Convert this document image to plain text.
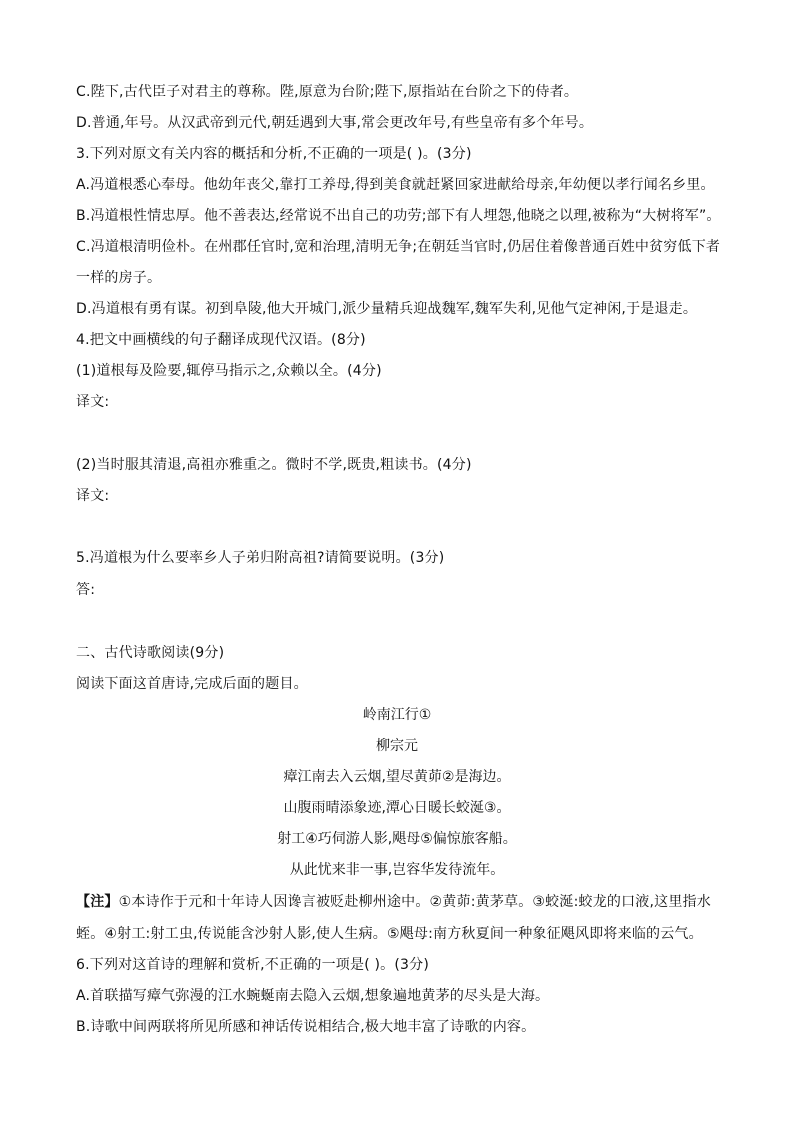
C.陛下,古代臣子对君主的尊称。陛,原意为台阶;陛下,原指站在台阶之下的侍者。
D.普通,年号。从汉武帝到元代,朝廷遇到大事,常会更改年号,有些皇帝有多个年号。
3.下列对原文有关内容的概括和分析,不正确的一项是( )。(3分)
A.冯道根悉心奉母。他幼年丧父,靠打工养母,得到美食就赶紧回家进献给母亲,年幼便以孝行闻名乡里。
B.冯道根性情忠厚。他不善表达,经常说不出自己的功劳;部下有人埋怨,他晓之以理,被称为“大树将军”。
C.冯道根清明俭朴。在州郡任官时,宽和治理,清明无争;在朝廷当官时,仍居住着像普通百姓中贫穷低下者
一样的房子。
D.冯道根有勇有谋。初到阜陵,他大开城门,派少量精兵迎战魏军,魏军失利,见他气定神闲,于是退走。
4.把文中画横线的句子翻译成现代汉语。(8分)
(1)道根每及险要,辄停马指示之,众赖以全。(4分)
译文:
(2)当时服其清退,高祖亦雅重之。微时不学,既贵,粗读书。(4分)
译文:
5.冯道根为什么要率乡人子弟归附高祖?请简要说明。(3分)
答:
二、古代诗歌阅读(9分)
阅读下面这首唐诗,完成后面的题目。
岭南江行①
柳宗元
瘴江南去入云烟,望尽黄茆②是海边。
山腹雨晴添象迹,潭心日暖长蛟涎③。
射工④巧伺游人影,飓母⑤偏惊旅客船。
从此忧来非一事,岂容华发待流年。
【注】①本诗作于元和十年诗人因谗言被贬赴柳州途中。②黄茆:黄茅草。③蛟涎:蛟龙的口液,这里指水
蛭。④射工:射工虫,传说能含沙射人影,使人生病。⑤飓母:南方秋夏间一种象征飓风即将来临的云气。
6.下列对这首诗的理解和赏析,不正确的一项是( )。(3分)
A.首联描写瘴气弥漫的江水蜿蜒南去隐入云烟,想象遍地黄茅的尽头是大海。
B.诗歌中间两联将所见所感和神话传说相结合,极大地丰富了诗歌的内容。
